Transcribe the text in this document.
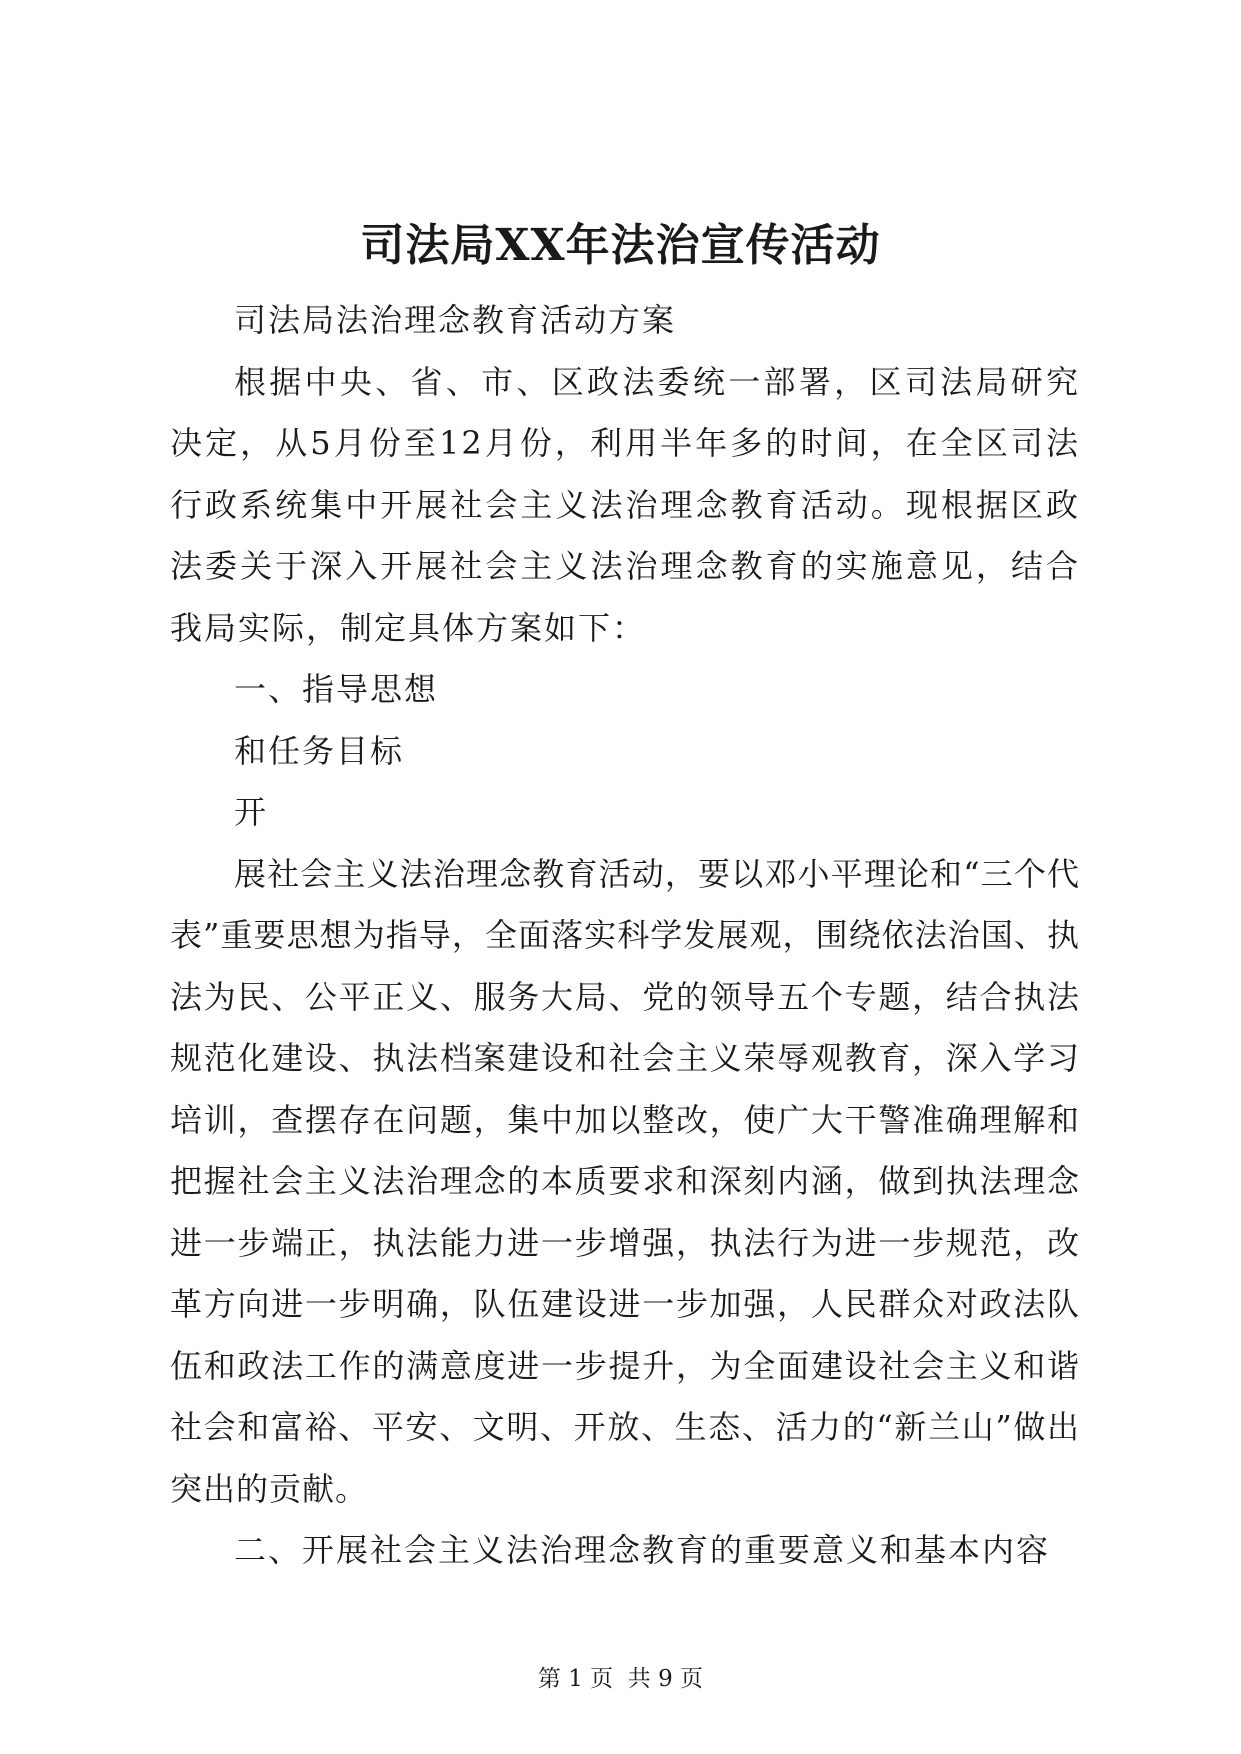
司法局XX年法治宣传活动

司法局法治理念教育活动方案

根据中央、省、市、区政法委统一部署，区司法局研究决定，从5月份至12月份，利用半年多的时间，在全区司法行政系统集中开展社会主义法治理念教育活动。现根据区政法委关于深入开展社会主义法治理念教育的实施意见，结合我局实际，制定具体方案如下：

一、指导思想

和任务目标

开

展社会主义法治理念教育活动，要以邓小平理论和“三个代表”重要思想为指导，全面落实科学发展观，围绕依法治国、执法为民、公平正义、服务大局、党的领导五个专题，结合执法规范化建设、执法档案建设和社会主义荣辱观教育，深入学习培训，查摆存在问题，集中加以整改，使广大干警准确理解和把握社会主义法治理念的本质要求和深刻内涵，做到执法理念进一步端正，执法能力进一步增强，执法行为进一步规范，改革方向进一步明确，队伍建设进一步加强，人民群众对政法队伍和政法工作的满意度进一步提升，为全面建设社会主义和谐社会和富裕、平安、文明、开放、生态、活力的“新兰山”做出突出的贡献。

二、开展社会主义法治理念教育的重要意义和基本内容

第 1 页  共 9 页
